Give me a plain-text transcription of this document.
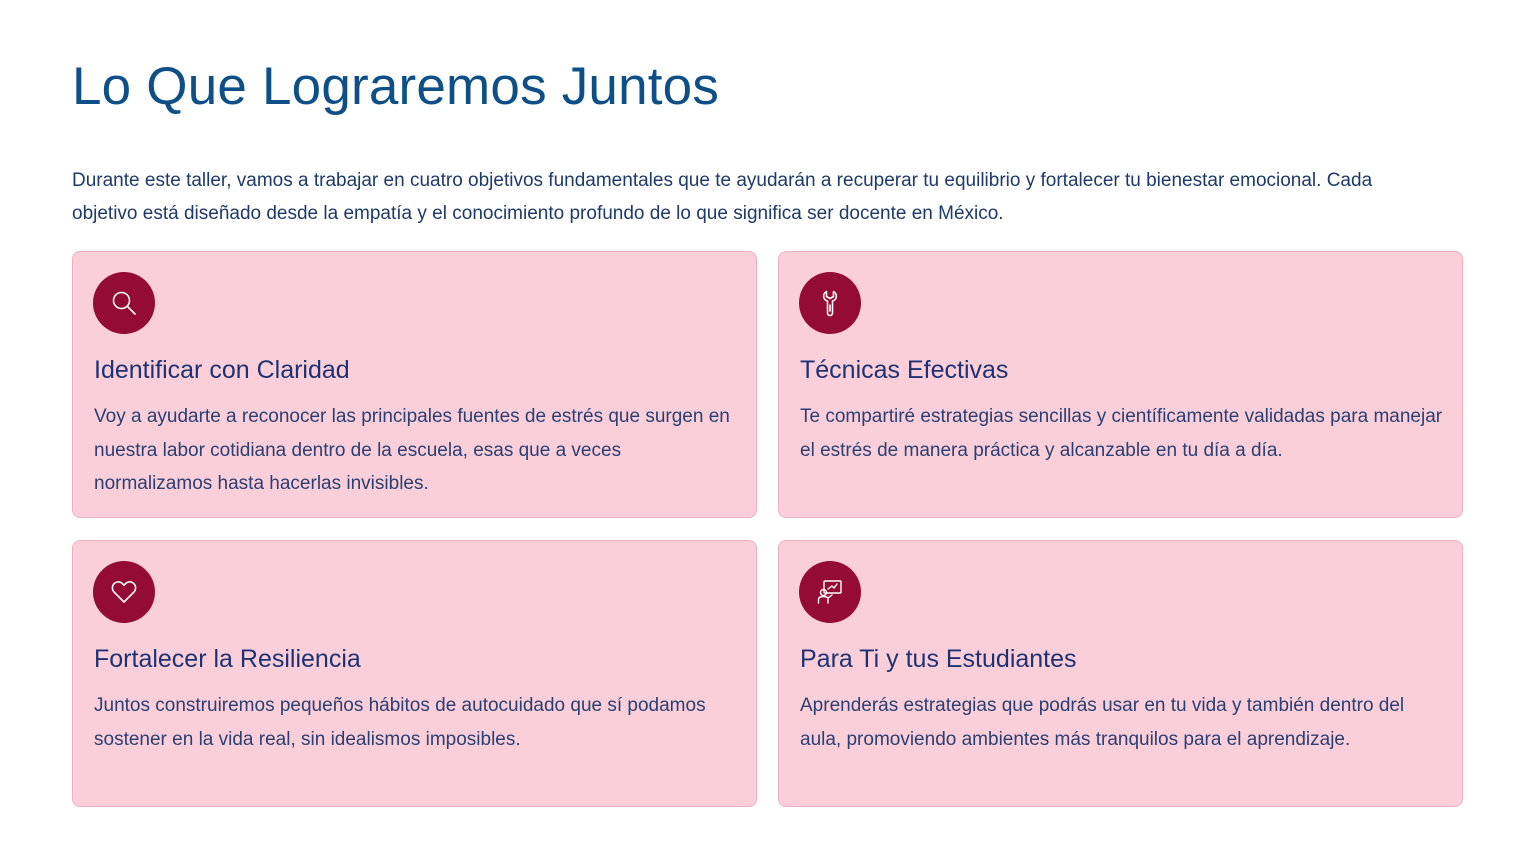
Lo Que Lograremos Juntos

Durante este taller, vamos a trabajar en cuatro objetivos fundamentales que te ayudarán a recuperar tu equilibrio y fortalecer tu bienestar emocional. Cada objetivo está diseñado desde la empatía y el conocimiento profundo de lo que significa ser docente en México.

Identificar con Claridad

Voy a ayudarte a reconocer las principales fuentes de estrés que surgen en nuestra labor cotidiana dentro de la escuela, esas que a veces normalizamos hasta hacerlas invisibles.

Técnicas Efectivas

Te compartiré estrategias sencillas y científicamente validadas para manejar el estrés de manera práctica y alcanzable en tu día a día.

Fortalecer la Resiliencia

Juntos construiremos pequeños hábitos de autocuidado que sí podamos sostener en la vida real, sin idealismos imposibles.

Para Ti y tus Estudiantes

Aprenderás estrategias que podrás usar en tu vida y también dentro del aula, promoviendo ambientes más tranquilos para el aprendizaje.
